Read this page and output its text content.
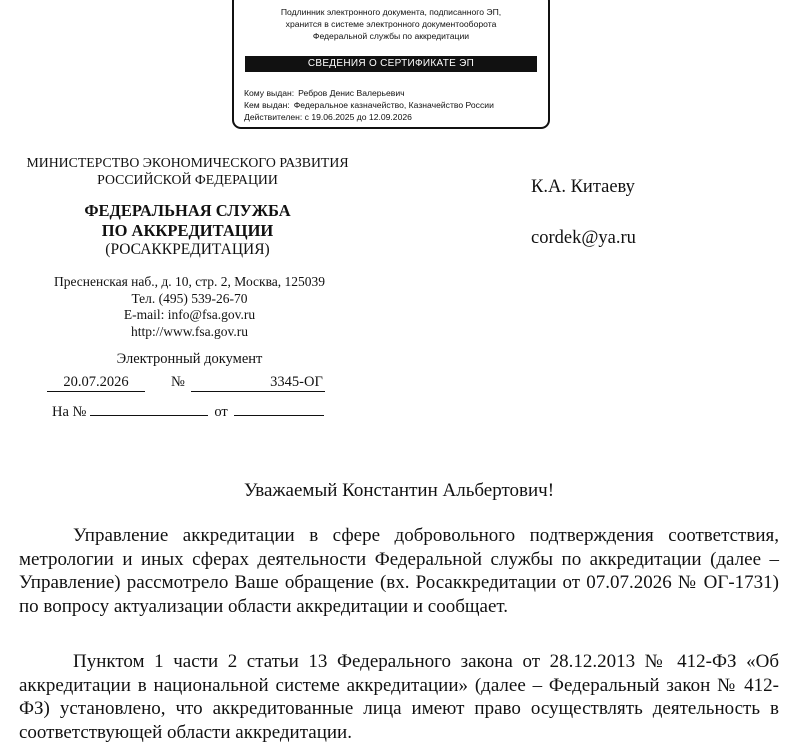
Подлинник электронного документа, подписанного ЭП,
хранится в системе электронного документооборота
Федеральной службы по аккредитации
СВЕДЕНИЯ О СЕРТИФИКАТЕ ЭП
Кому выдан: Ребров Денис Валерьевич
Кем выдан: Федеральное казначейство, Казначейство России
Действителен: с 19.06.2025 до 12.09.2026
МИНИСТЕРСТВО ЭКОНОМИЧЕСКОГО РАЗВИТИЯ
РОССИЙСКОЙ ФЕДЕРАЦИИ
ФЕДЕРАЛЬНАЯ СЛУЖБА
ПО АККРЕДИТАЦИИ
(РОСАККРЕДИТАЦИЯ)
Пресненская наб., д. 10, стр. 2, Москва, 125039
Тел. (495) 539-26-70
E-mail: info@fsa.gov.ru
http://www.fsa.gov.ru
Электронный документ
20.07.2026	№	3345-ОГ
На №	от
К.А. Китаеву
cordek@ya.ru
Уважаемый Константин Альбертович!

Управление аккредитации в сфере добровольного подтверждения соответствия, метрологии и иных сферах деятельности Федеральной службы по аккредитации (далее – Управление) рассмотрело Ваше обращение (вх. Росаккредитации от 07.07.2026 № ОГ-1731) по вопросу актуализации области аккредитации и сообщает.

Пунктом 1 части 2 статьи 13 Федерального закона от 28.12.2013 № 412-ФЗ «Об аккредитации в национальной системе аккредитации» (далее – Федеральный закон № 412-ФЗ) установлено, что аккредитованные лица имеют право осуществлять деятельность в соответствующей области аккредитации.
